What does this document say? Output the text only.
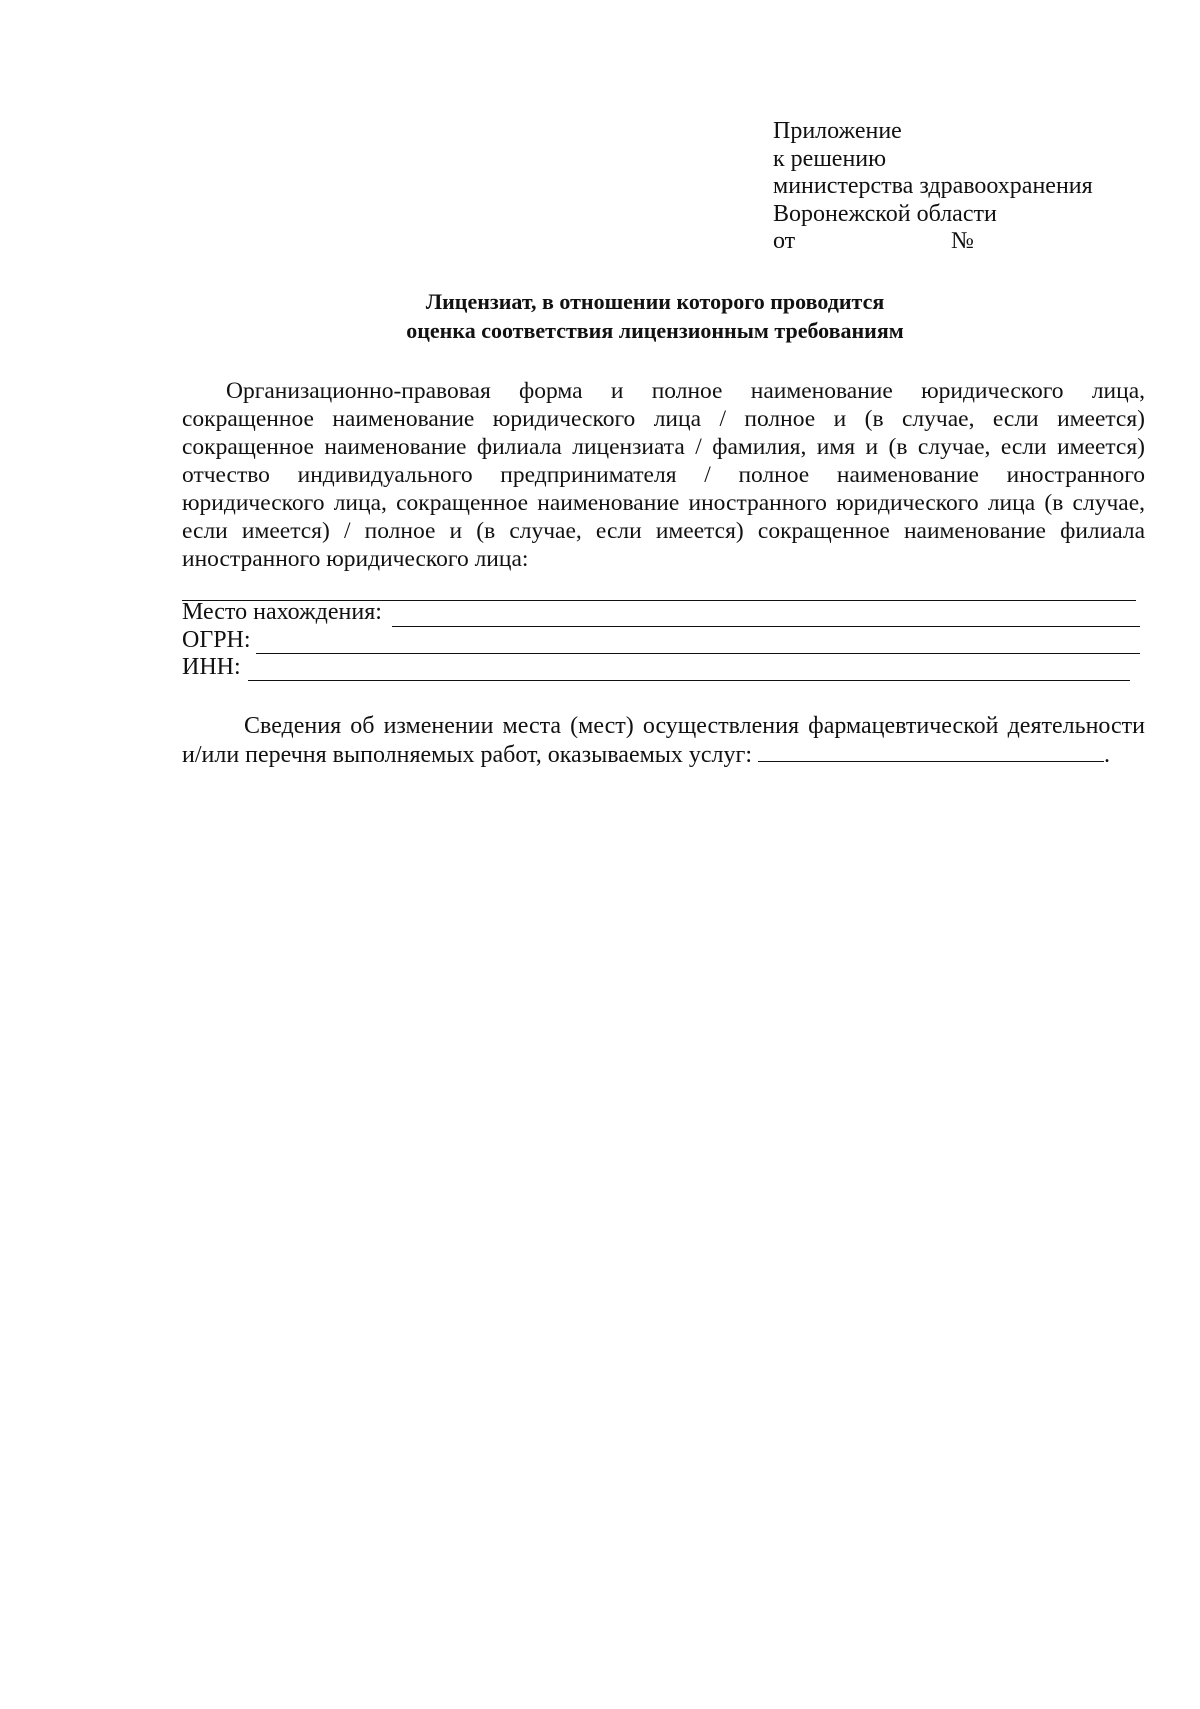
Приложение
к решению
министерства здравоохранения
Воронежской области
от	№
Лицензиат, в отношении которого проводится
оценка соответствия лицензионным требованиям
Организационно-правовая форма и полное наименование юридического лица, сокращенное наименование юридического лица / полное и (в случае, если имеется) сокращенное наименование филиала лицензиата / фамилия, имя и (в случае, если имеется) отчество индивидуального предпринимателя / полное наименование иностранного юридического лица, сокращенное наименование иностранного юридического лица (в случае, если имеется) / полное и (в случае, если имеется) сокращенное наименование филиала иностранного юридического лица:
Место нахождения:
ОГРН:
ИНН:
Сведения об изменении места (мест) осуществления фармацевтической деятельности и/или перечня выполняемых работ, оказываемых услуг:	.
